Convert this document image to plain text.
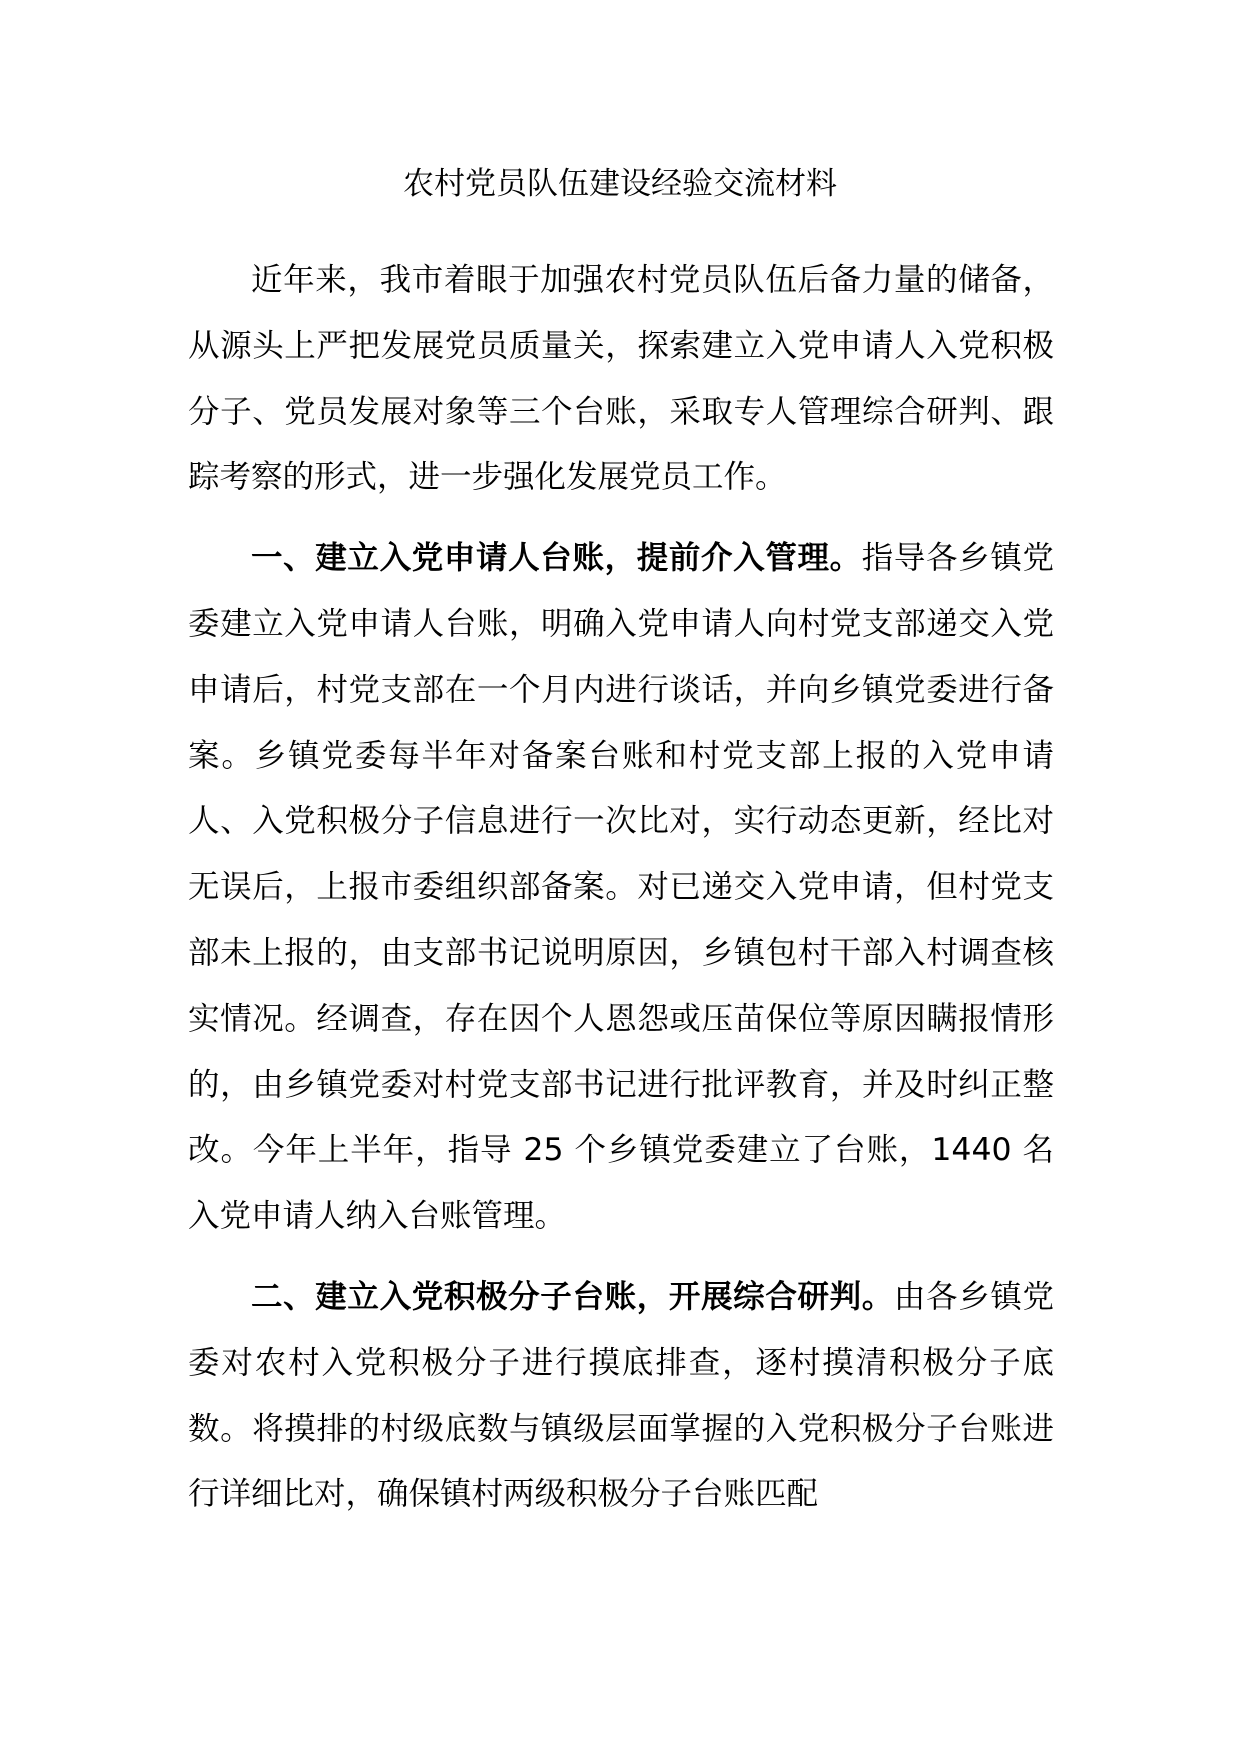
农村党员队伍建设经验交流材料

近年来，我市着眼于加强农村党员队伍后备力量的储备，从源头上严把发展党员质量关，探索建立入党申请人入党积极分子、党员发展对象等三个台账，采取专人管理综合研判、跟踪考察的形式，进一步强化发展党员工作。

一、建立入党申请人台账，提前介入管理。指导各乡镇党委建立入党申请人台账，明确入党申请人向村党支部递交入党申请后，村党支部在一个月内进行谈话，并向乡镇党委进行备案。乡镇党委每半年对备案台账和村党支部上报的入党申请人、入党积极分子信息进行一次比对，实行动态更新，经比对无误后，上报市委组织部备案。对已递交入党申请，但村党支部未上报的，由支部书记说明原因，乡镇包村干部入村调查核实情况。经调查，存在因个人恩怨或压苗保位等原因瞒报情形的，由乡镇党委对村党支部书记进行批评教育，并及时纠正整改。今年上半年，指导 25 个乡镇党委建立了台账，1440 名入党申请人纳入台账管理。

二、建立入党积极分子台账，开展综合研判。由各乡镇党委对农村入党积极分子进行摸底排查，逐村摸清积极分子底数。将摸排的村级底数与镇级层面掌握的入党积极分子台账进行详细比对，确保镇村两级积极分子台账匹配
